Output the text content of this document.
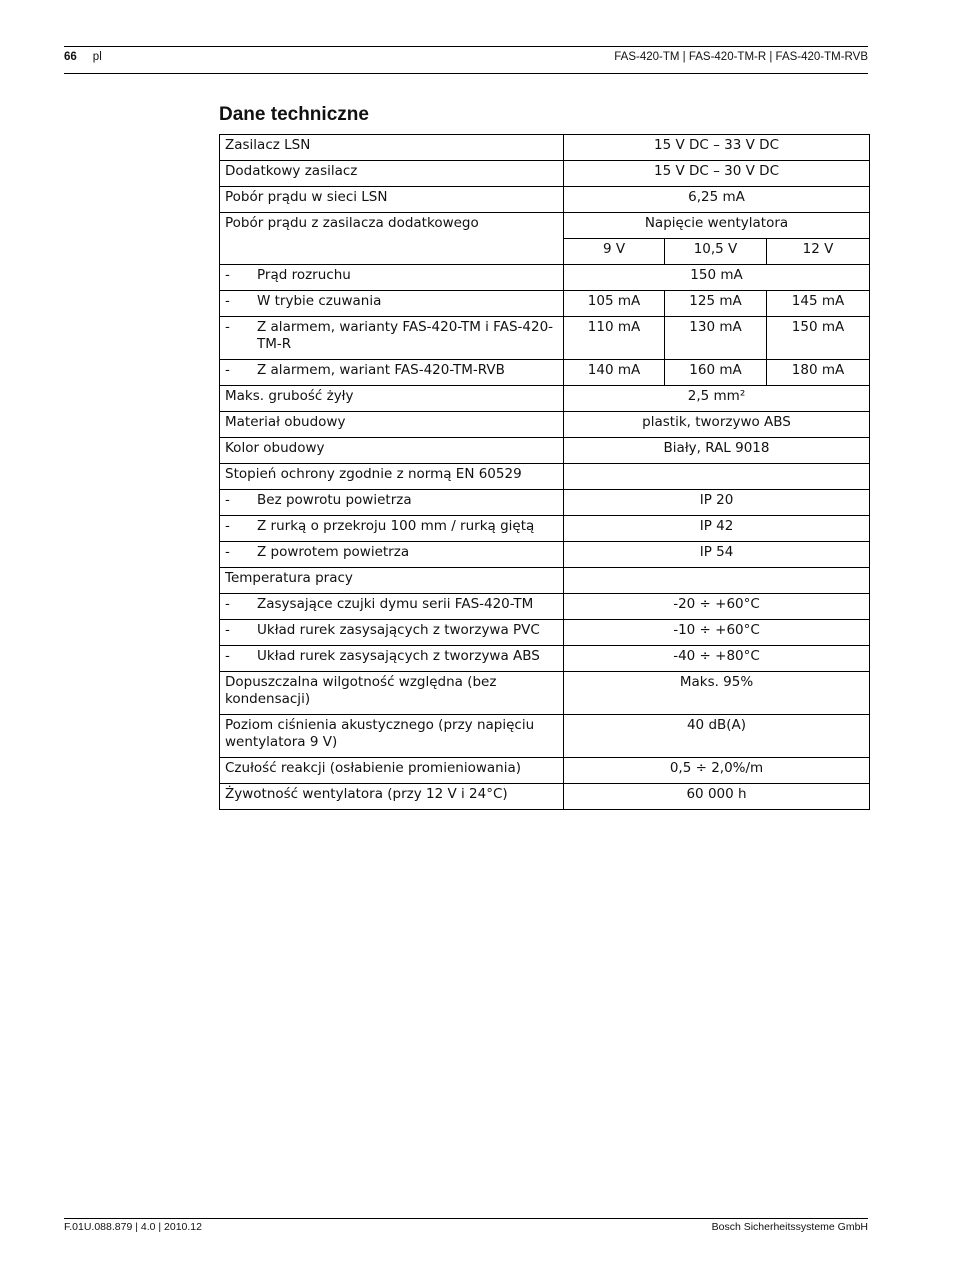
66 pl	FAS-420-TM | FAS-420-TM-R | FAS-420-TM-RVB
Dane techniczne
Zasilacz LSN	15 V DC – 33 V DC		
Dodatkowy zasilacz	15 V DC – 30 V DC		
Pobór prądu w sieci LSN	6,25 mA		
Pobór prądu z zasilacza dodatkowego	Napięcie wentylatora		
	9 V	10,5 V	12 V

- Prąd rozruchu	150 mA		

- W trybie czuwania	105 mA	125 mA	145 mA

- Z alarmem, warianty FAS-420-TM i FAS-420-TM-R	110 mA	130 mA	150 mA

- Z alarmem, wariant FAS-420-TM-RVB	140 mA	160 mA	180 mA
Maks. grubość żyły	2,5 mm²		
Materiał obudowy	plastik, tworzywo ABS		
Kolor obudowy	Biały, RAL 9018		
Stopień ochrony zgodnie z normą EN 60529			

- Bez powrotu powietrza	IP 20		

- Z rurką o przekroju 100 mm / rurką giętą	IP 42		

- Z powrotem powietrza	IP 54		
Temperatura pracy			

- Zasysające czujki dymu serii FAS-420-TM	-20 ÷ +60°C		

- Układ rurek zasysających z tworzywa PVC	-10 ÷ +60°C		

- Układ rurek zasysających z tworzywa ABS	-40 ÷ +80°C		
Dopuszczalna wilgotność względna (bez kondensacji)	Maks. 95%		
Poziom ciśnienia akustycznego (przy napięciu wentylatora 9 V)	40 dB(A)		
Czułość reakcji (osłabienie promieniowania)	0,5 ÷ 2,0%/m		
Żywotność wentylatora (przy 12 V i 24°C)	60 000 h		
F.01U.088.879 | 4.0 | 2010.12	Bosch Sicherheitssysteme GmbH
